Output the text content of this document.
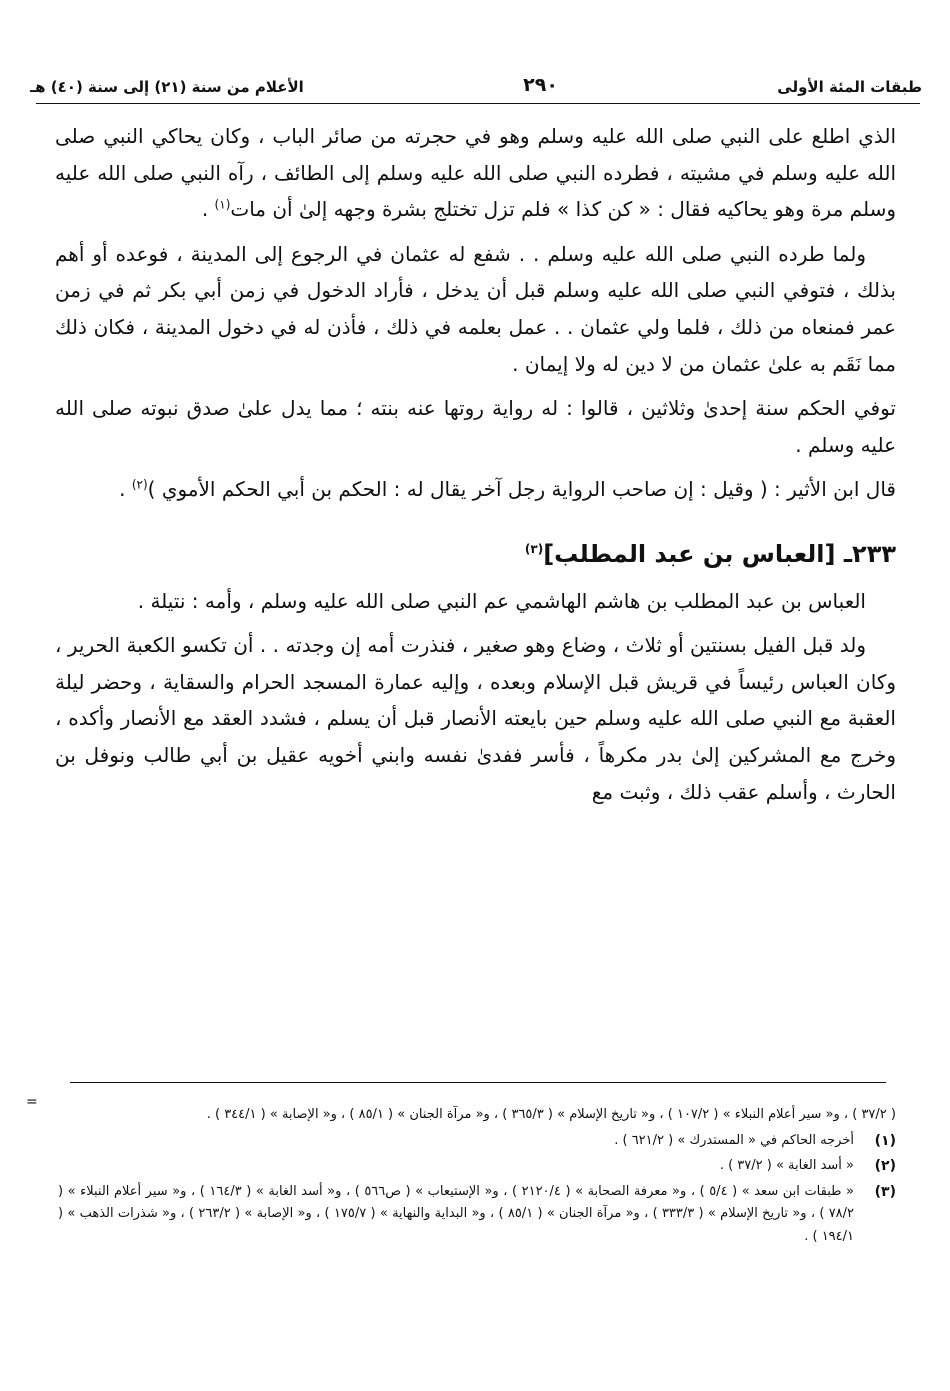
طبقات المئة الأولى
٢٩٠
الأعلام من سنة (٢١) إلى سنة (٤٠) هـ

الذي اطلع على النبي صلى الله عليه وسلم وهو في حجرته من صائر الباب ، وكان يحاكي النبي صلى الله عليه وسلم في مشيته ، فطرده النبي صلى الله عليه وسلم إلى الطائف ، رآه النبي صلى الله عليه وسلم مرة وهو يحاكيه فقال : « كن كذا » فلم تزل تختلج بشرة وجهه إلىٰ أن مات$^{(١)}$ .

ولما طرده النبي صلى الله عليه وسلم . . شفع له عثمان في الرجوع إلى المدينة ، فوعده أو أهم بذلك ، فتوفي النبي صلى الله عليه وسلم قبل أن يدخل ، فأراد الدخول في زمن أبي بكر ثم في زمن عمر فمنعاه من ذلك ، فلما ولي عثمان . . عمل بعلمه في ذلك ، فأذن له في دخول المدينة ، فكان ذلك مما نَقَم به علىٰ عثمان من لا دين له ولا إيمان .

توفي الحكم سنة إحدىٰ وثلاثين ، قالوا : له رواية روتها عنه بنته ؛ مما يدل علىٰ صدق نبوته صلى الله عليه وسلم .

قال ابن الأثير : ( وقيل : إن صاحب الرواية رجل آخر يقال له : الحكم بن أبي الحكم الأموي )$^{(٢)}$ .

٢٣٣ـ [العباس بن عبد المطلب]$^{(٣)}$

العباس بن عبد المطلب بن هاشم الهاشمي عم النبي صلى الله عليه وسلم ، وأمه : نتيلة .

ولد قبل الفيل بسنتين أو ثلاث ، وضاع وهو صغير ، فنذرت أمه إن وجدته . . أن تكسو الكعبة الحرير ، وكان العباس رئيساً في قريش قبل الإسلام وبعده ، وإليه عمارة المسجد الحرام والسقاية ، وحضر ليلة العقبة مع النبي صلى الله عليه وسلم حين بايعته الأنصار قبل أن يسلم ، فشدد العقد مع الأنصار وأكده ، وخرج مع المشركين إلىٰ بدر مكرهاً ، فأسر ففدىٰ نفسه وابني أخويه عقيل بن أبي طالب ونوفل بن الحارث ، وأسلم عقب ذلك ، وثبت مع

=
( ٣٧/٢ ) ، و« سير أعلام النبلاء » ( ١٠٧/٢ ) ، و« تاريخ الإسلام » ( ٣٦٥/٣ ) ، و« مرآة الجنان » ( ٨٥/١ ) ، و« الإصابة » ( ٣٤٤/١ ) .
(١)
أخرجه الحاكم في « المستدرك » ( ٦٢١/٢ ) .
(٢)
« أسد الغابة » ( ٣٧/٢ ) .
(٣)
« طبقات ابن سعد » ( ٥/٤ ) ، و« معرفة الصحابة » ( ٢١٢٠/٤ ) ، و« الإستيعاب » ( ص٥٦٦ ) ، و« أسد الغابة » ( ١٦٤/٣ ) ، و« سير أعلام النبلاء » ( ٧٨/٢ ) ، و« تاريخ الإسلام » ( ٣٣٣/٣ ) ، و« مرآة الجنان » ( ٨٥/١ ) ، و« البداية والنهاية » ( ١٧٥/٧ ) ، و« الإصابة » ( ٢٦٣/٢ ) ، و« شذرات الذهب » ( ١٩٤/١ ) .
